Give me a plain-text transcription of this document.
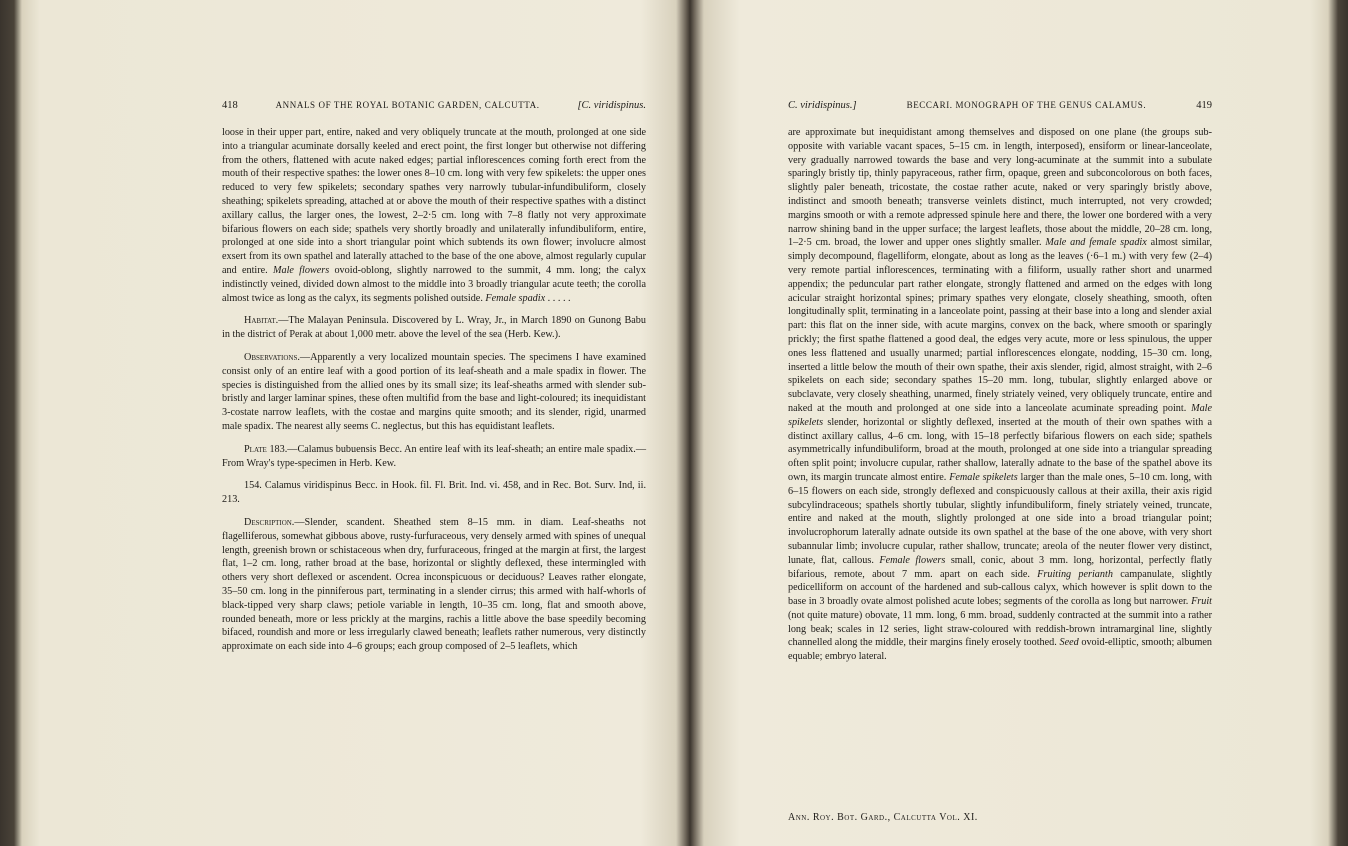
418	ANNALS OF THE ROYAL BOTANIC GARDEN, CALCUTTA.	[C. viridispinus.

loose in their upper part, entire, naked and very obliquely truncate at the mouth, prolonged at one side into a triangular acuminate dorsally keeled and erect point, the first longer but otherwise not differing from the others, flattened with acute naked edges; partial inflorescences coming forth erect from the mouth of their respective spathes: the lower ones 8–10 cm. long with very few spikelets: the upper ones reduced to very few spikelets; secondary spathes very narrowly tubular-infundibuliform, closely sheathing; spikelets spreading, attached at or above the mouth of their respective spathes with a distinct axillary callus, the larger ones, the lowest, 2–2·5 cm. long with 7–8 flatly not very approximate bifarious flowers on each side; spathels very shortly broadly and unilaterally infundibuliform, entire, prolonged at one side into a short triangular point which subtends its own flower; involucre almost exsert from its own spathel and laterally attached to the base of the one above, almost regularly cupular and entire. Male flowers ovoid-oblong, slightly narrowed to the summit, 4 mm. long; the calyx indistinctly veined, divided down almost to the middle into 3 broadly triangular acute teeth; the corolla almost twice as long as the calyx, its segments polished outside. Female spadix . . . . .

Habitat.—The Malayan Peninsula. Discovered by L. Wray, Jr., in March 1890 on Gunong Babu in the district of Perak at about 1,000 metr. above the level of the sea (Herb. Kew.).

Observations.—Apparently a very localized mountain species. The specimens I have examined consist only of an entire leaf with a good portion of its leaf-sheath and a male spadix in flower. The species is distinguished from the allied ones by its small size; its leaf-sheaths armed with slender sub-bristly and larger laminar spines, these often multifid from the base and light-coloured; its inequidistant 3-costate narrow leaflets, with the costae and margins quite smooth; and its slender, rigid, unarmed male spadix. The nearest ally seems C. neglectus, but this has equidistant leaflets.

Plate 183.—Calamus bubuensis Becc. An entire leaf with its leaf-sheath; an entire male spadix.—From Wray's type-specimen in Herb. Kew.

154. Calamus viridispinus Becc. in Hook. fil. Fl. Brit. Ind. vi. 458, and in Rec. Bot. Surv. Ind, ii. 213.

Description.—Slender, scandent. Sheathed stem 8–15 mm. in diam. Leaf-sheaths not flagelliferous, somewhat gibbous above, rusty-furfuraceous, very densely armed with spines of unequal length, greenish brown or schistaceous when dry, furfuraceous, fringed at the margin at first, the largest flat, 1–2 cm. long, rather broad at the base, horizontal or slightly deflexed, these intermingled with others very short deflexed or ascendent. Ocrea inconspicuous or deciduous? Leaves rather elongate, 35–50 cm. long in the pinniferous part, terminating in a slender cirrus; this armed with half-whorls of black-tipped very sharp claws; petiole variable in length, 10–35 cm. long, flat and smooth above, rounded beneath, more or less prickly at the margins, rachis a little above the base speedily becoming bifaced, roundish and more or less irregularly clawed beneath; leaflets rather numerous, very distinctly approximate on each side into 4–6 groups; each group composed of 2–5 leaflets, which

C. viridispinus.]	BECCARI. MONOGRAPH OF THE GENUS CALAMUS.	419

are approximate but inequidistant among themselves and disposed on one plane (the groups sub-opposite with variable vacant spaces, 5–15 cm. in length, interposed), ensiform or linear-lanceolate, very gradually narrowed towards the base and very long-acuminate at the summit into a subulate sparingly bristly tip, thinly papyraceous, rather firm, opaque, green and subconcolorous on both faces, slightly paler beneath, tricostate, the costae rather acute, naked or very sparingly bristly above, indistinct and smooth beneath; transverse veinlets distinct, much interrupted, not very crowded; margins smooth or with a remote adpressed spinule here and there, the lower one bordered with a very narrow shining band in the upper surface; the largest leaflets, those about the middle, 20–28 cm. long, 1–2·5 cm. broad, the lower and upper ones slightly smaller. Male and female spadix almost similar, simply decompound, flagelliform, elongate, about as long as the leaves (·6–1 m.) with very few (2–4) very remote partial inflorescences, terminating with a filiform, usually rather short and unarmed appendix; the peduncular part rather elongate, strongly flattened and armed on the edges with long acicular straight horizontal spines; primary spathes very elongate, closely sheathing, smooth, often longitudinally split, terminating in a lanceolate point, passing at their base into a long and slender axial part: this flat on the inner side, with acute margins, convex on the back, where smooth or sparingly prickly; the first spathe flattened a good deal, the edges very acute, more or less spinulous, the upper ones less flattened and usually unarmed; partial inflorescences elongate, nodding, 15–30 cm. long, inserted a little below the mouth of their own spathe, their axis slender, rigid, almost straight, with 2–6 spikelets on each side; secondary spathes 15–20 mm. long, tubular, slightly enlarged above or subclavate, very closely sheathing, unarmed, finely striately veined, very obliquely truncate, entire and naked at the mouth and prolonged at one side into a lanceolate acuminate spreading point. Male spikelets slender, horizontal or slightly deflexed, inserted at the mouth of their own spathes with a distinct axillary callus, 4–6 cm. long, with 15–18 perfectly bifarious flowers on each side; spathels asymmetrically infundibuliform, broad at the mouth, prolonged at one side into a triangular spreading often split point; involucre cupular, rather shallow, laterally adnate to the base of the spathel above its own, its margin truncate almost entire. Female spikelets larger than the male ones, 5–10 cm. long, with 6–15 flowers on each side, strongly deflexed and conspicuously callous at their axilla, their axis rigid subcylindraceous; spathels shortly tubular, slightly infundibuliform, finely striately veined, truncate, entire and naked at the mouth, slightly prolonged at one side into a broad triangular point; involucrophorum laterally adnate outside its own spathel at the base of the one above, with very short subannular limb; involucre cupular, rather shallow, truncate; areola of the neuter flower very distinct, lunate, flat, callous. Female flowers small, conic, about 3 mm. long, horizontal, perfectly flatly bifarious, remote, about 7 mm. apart on each side. Fruiting perianth campanulate, slightly pedicelliform on account of the hardened and sub-callous calyx, which however is split down to the base in 3 broadly ovate almost polished acute lobes; segments of the corolla as long but narrower. Fruit (not quite mature) obovate, 11 mm. long, 6 mm. broad, suddenly contracted at the summit into a rather long beak; scales in 12 series, light straw-coloured with reddish-brown intramarginal line, slightly channelled along the middle, their margins finely erosely toothed. Seed ovoid-elliptic, smooth; albumen equable; embryo lateral.

Ann. Roy. Bot. Gard., Calcutta Vol. XI.
